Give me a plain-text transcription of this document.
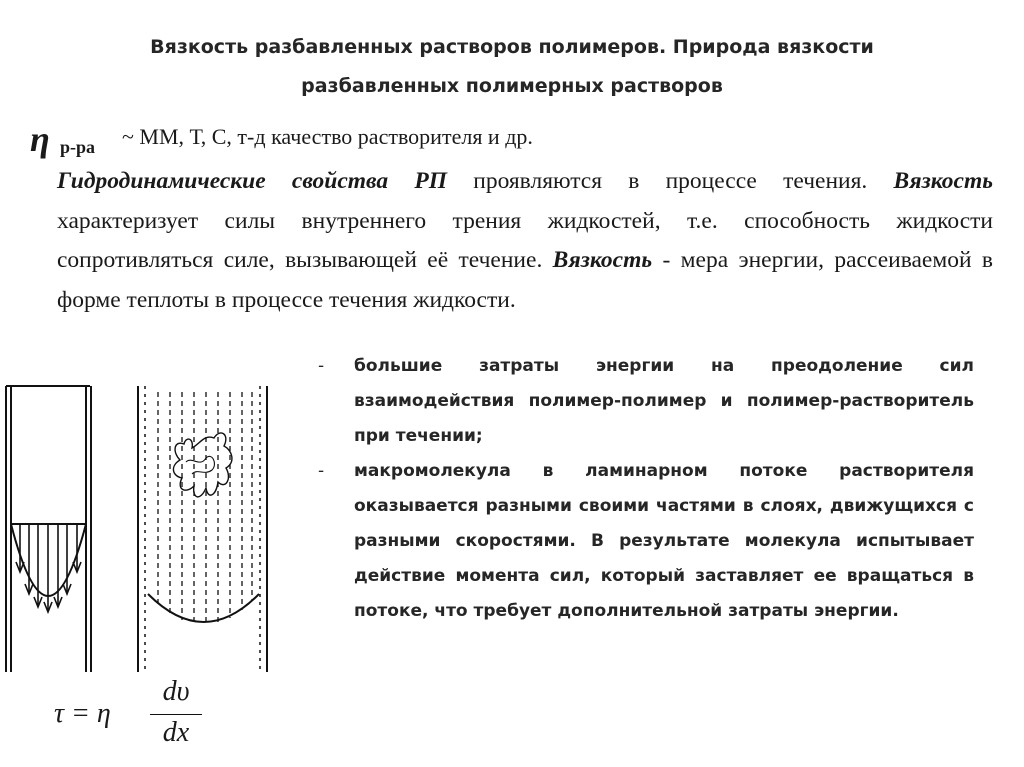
Вязкость разбавленных растворов полимеров. Природа вязкости
разбавленных полимерных растворов
η р-ра ~ ММ, Т, С, т-д качество растворителя и др.
Гидродинамические свойства РП проявляются в процессе течения. Вязкость характеризует силы внутреннего трения жидкостей, т.е. способность жидкости сопротивляться силе, вызывающей её течение. Вязкость - мера энергии, рассеиваемой в форме теплоты в процессе течения жидкости.
- большие затраты энергии на преодоление сил взаимодействия полимер-полимер и полимер-растворитель при течении;
- макромолекула в ламинарном потоке растворителя оказывается разными своими частями в слоях, движущихся с разными скоростями. В результате молекула испытывает действие момента сил, который заставляет ее вращаться в потоке, что требует дополнительной затраты энергии.
τ = η
dυ
dx
